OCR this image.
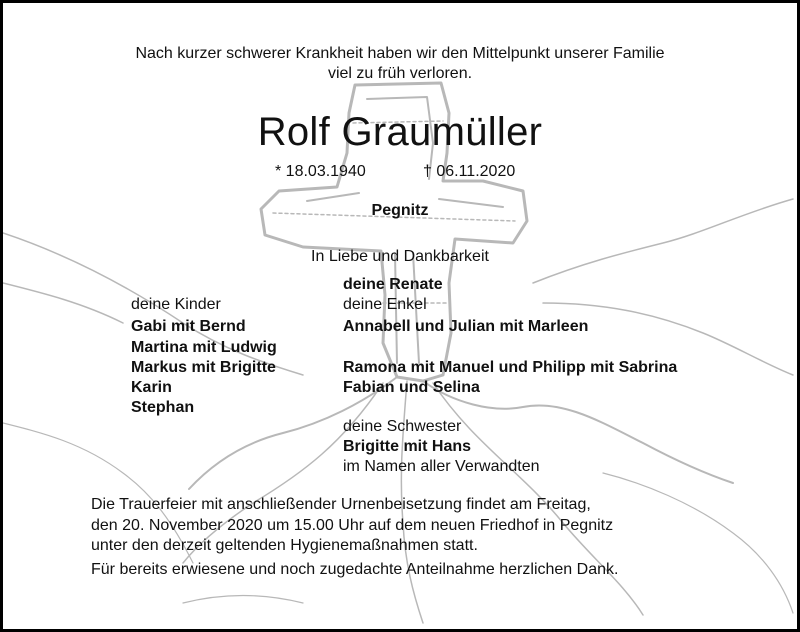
Nach kurzer schwerer Krankheit haben wir den Mittelpunkt unserer Familie
viel zu früh verloren.
Rolf Graumüller
* 18.03.1940	† 06.11.2020
Pegnitz
In Liebe und Dankbarkeit
deine Renate
deine Kinder
Gabi mit Bernd
Martina mit Ludwig
Markus mit Brigitte
Karin
Stephan
deine Enkel
Annabell und Julian mit Marleen
Ramona mit Manuel und Philipp mit Sabrina
Fabian und Selina
deine Schwester
Brigitte mit Hans
im Namen aller Verwandten
Die Trauerfeier mit anschließender Urnenbeisetzung findet am Freitag,
den 20. November 2020 um 15.00 Uhr auf dem neuen Friedhof in Pegnitz
unter den derzeit geltenden Hygienemaßnahmen statt.
Für bereits erwiesene und noch zugedachte Anteilnahme herzlichen Dank.
